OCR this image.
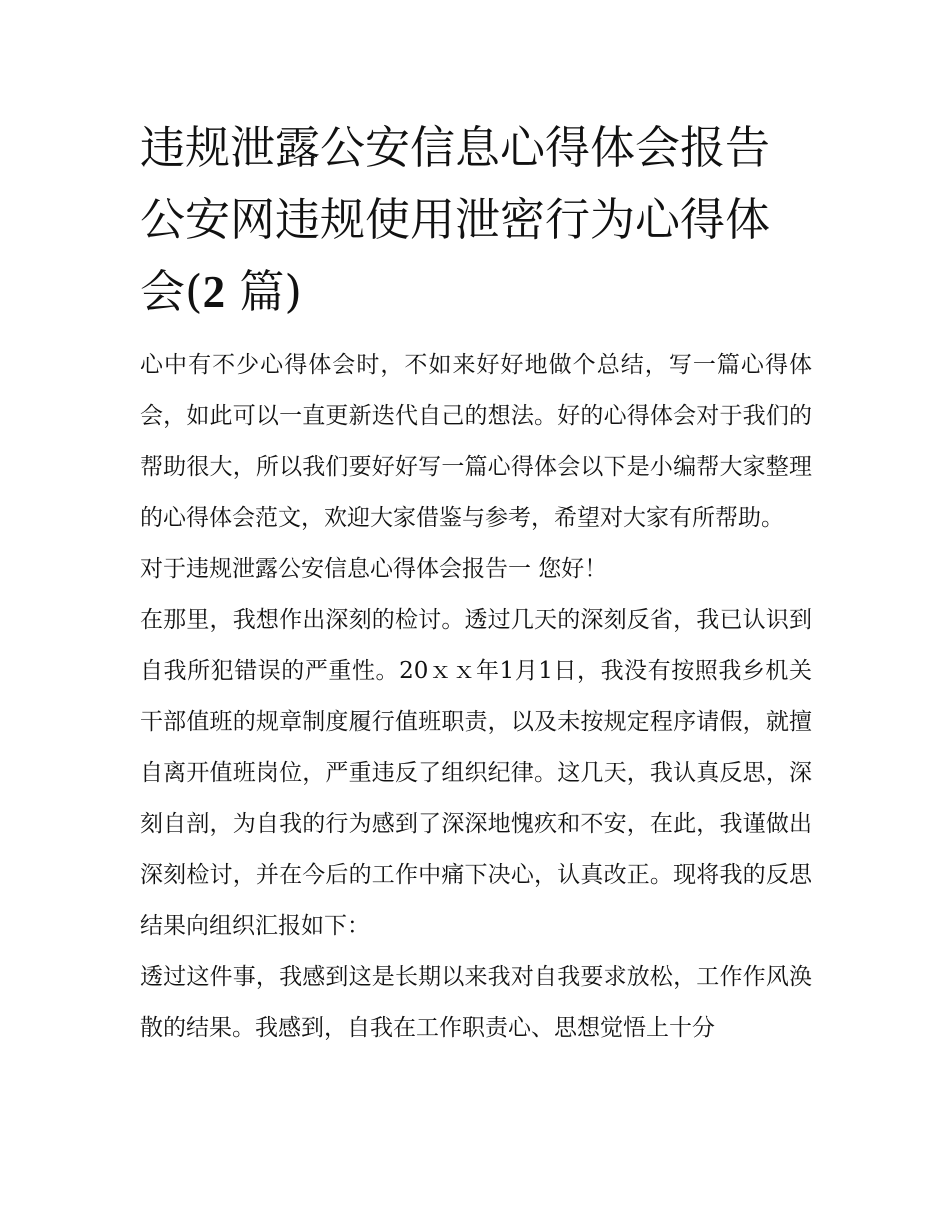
违规泄露公安信息心得体会报告 公安网违规使用泄密行为心得体会(2 篇)

心中有不少心得体会时，不如来好好地做个总结，写一篇心得体会，如此可以一直更新迭代自己的想法。好的心得体会对于我们的帮助很大，所以我们要好好写一篇心得体会以下是小编帮大家整理的心得体会范文，欢迎大家借鉴与参考，希望对大家有所帮助。

对于违规泄露公安信息心得体会报告一 您好！

在那里，我想作出深刻的检讨。透过几天的深刻反省，我已认识到自我所犯错误的严重性。20ｘｘ年1月1日，我没有按照我乡机关干部值班的规章制度履行值班职责，以及未按规定程序请假，就擅自离开值班岗位，严重违反了组织纪律。这几天，我认真反思，深刻自剖，为自我的行为感到了深深地愧疚和不安，在此，我谨做出深刻检讨，并在今后的工作中痛下决心，认真改正。现将我的反思结果向组织汇报如下：

透过这件事，我感到这是长期以来我对自我要求放松，工作作风涣散的结果。我感到，自我在工作职责心、思想觉悟上十分
